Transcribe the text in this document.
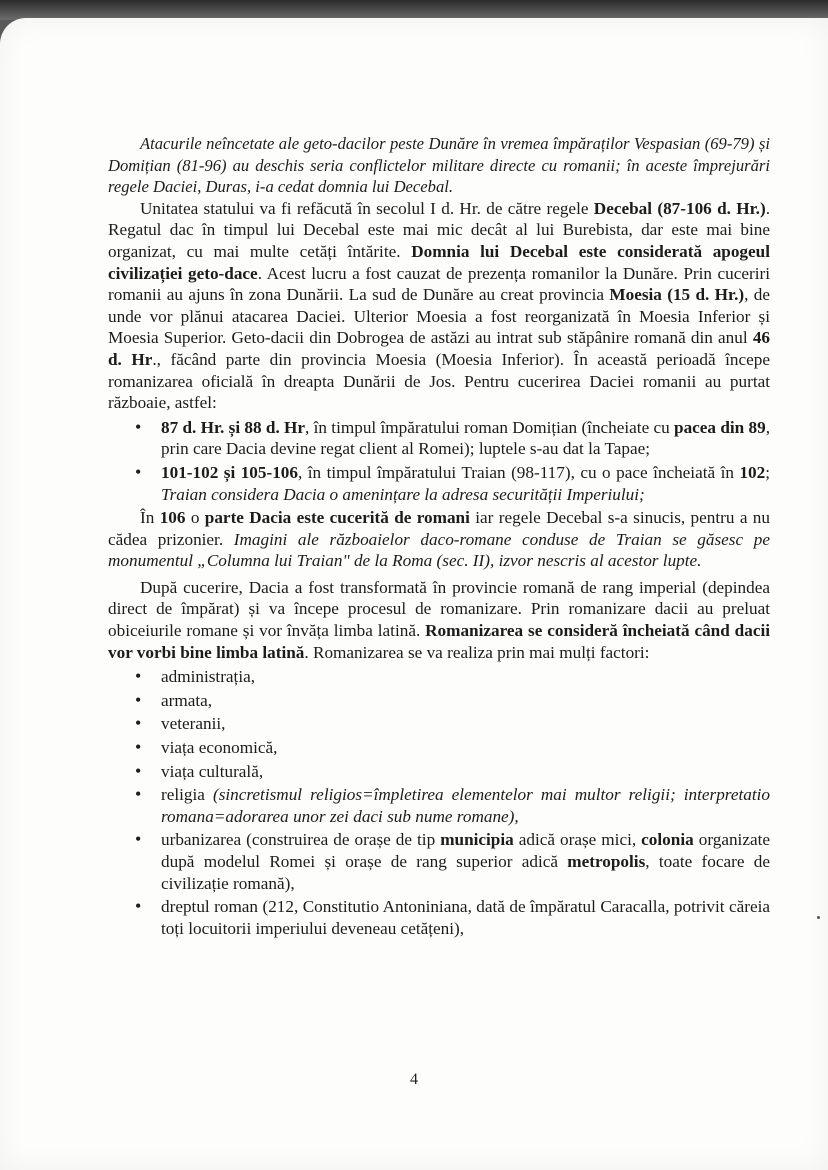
Atacurile neîncetate ale geto-dacilor peste Dunăre în vremea împăraților Vespasian (69-79) și Domițian (81-96) au deschis seria conflictelor militare directe cu romanii; în aceste împrejurări regele Daciei, Duras, i-a cedat domnia lui Decebal.

Unitatea statului va fi refăcută în secolul I d. Hr. de către regele Decebal (87-106 d. Hr.). Regatul dac în timpul lui Decebal este mai mic decât al lui Burebista, dar este mai bine organizat, cu mai multe cetăți întărite. Domnia lui Decebal este considerată apogeul civilizației geto-dace. Acest lucru a fost cauzat de prezența romanilor la Dunăre. Prin cuceriri romanii au ajuns în zona Dunării. La sud de Dunăre au creat provincia Moesia (15 d. Hr.), de unde vor plănui atacarea Daciei. Ulterior Moesia a fost reorganizată în Moesia Inferior și Moesia Superior. Geto-dacii din Dobrogea de astăzi au intrat sub stăpânire romană din anul 46 d. Hr., făcând parte din provincia Moesia (Moesia Inferior). În această perioadă începe romanizarea oficială în dreapta Dunării de Jos. Pentru cucerirea Daciei romanii au purtat războaie, astfel:

• 87 d. Hr. și 88 d. Hr, în timpul împăratului roman Domițian (încheiate cu pacea din 89, prin care Dacia devine regat client al Romei); luptele s-au dat la Tapae;
• 101-102 și 105-106, în timpul împăratului Traian (98-117), cu o pace încheiată în 102; Traian considera Dacia o amenințare la adresa securității Imperiului;

În 106 o parte Dacia este cucerită de romani iar regele Decebal s-a sinucis, pentru a nu cădea prizonier. Imagini ale războaielor daco-romane conduse de Traian se găsesc pe monumentul „Columna lui Traian" de la Roma (sec. II), izvor nescris al acestor lupte.

După cucerire, Dacia a fost transformată în provincie romană de rang imperial (depindea direct de împărat) și va începe procesul de romanizare. Prin romanizare dacii au preluat obiceiurile romane și vor învăța limba latină. Romanizarea se consideră încheiată când dacii vor vorbi bine limba latină. Romanizarea se va realiza prin mai mulți factori:

• administrația,
• armata,
• veteranii,
• viața economică,
• viața culturală,
• religia (sincretismul religios=împletirea elementelor mai multor religii; interpretatio romana=adorarea unor zei daci sub nume romane),
• urbanizarea (construirea de orașe de tip municipia adică orașe mici, colonia organizate după modelul Romei și orașe de rang superior adică metropolis, toate focare de civilizație romană),
• dreptul roman (212, Constitutio Antoniniana, dată de împăratul Caracalla, potrivit căreia toți locuitorii imperiului deveneau cetățeni),
4
